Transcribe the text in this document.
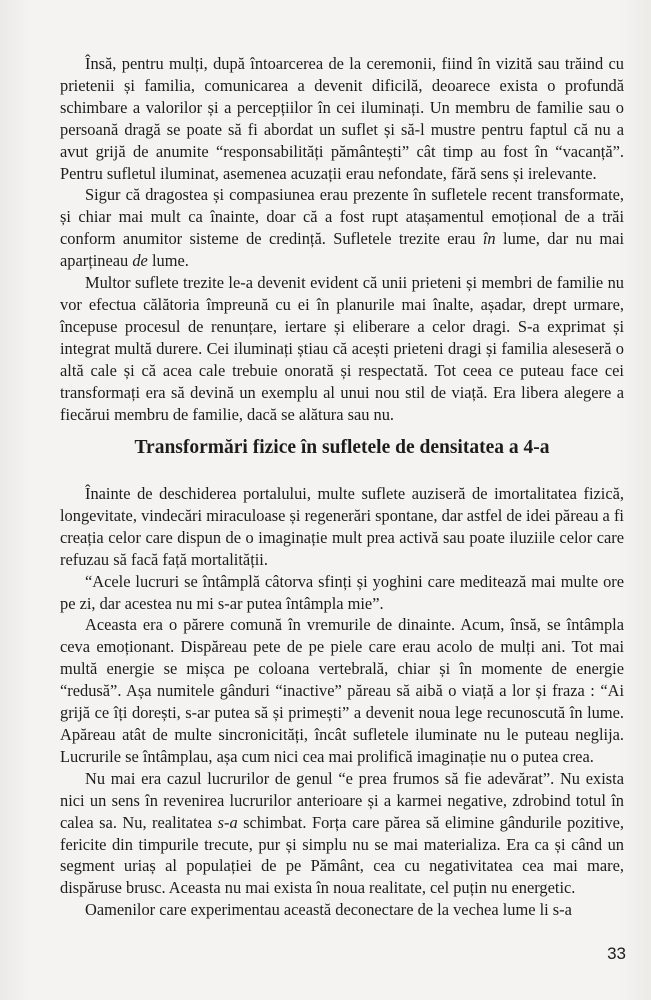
Însă, pentru mulți, după întoarcerea de la ceremonii, fiind în vizită sau trăind cu prietenii și familia, comunicarea a devenit dificilă, deoarece exista o profundă schimbare a valorilor și a percepțiilor în cei iluminați. Un membru de familie sau o persoană dragă se poate să fi abordat un suflet și să-l mustre pentru faptul că nu a avut grijă de anumite “responsabilități pământești” cât timp au fost în “vacanță”. Pentru sufletul iluminat, asemenea acuzații erau nefondate, fără sens și irelevante.

Sigur că dragostea și compasiunea erau prezente în sufletele recent transformate, și chiar mai mult ca înainte, doar că a fost rupt atașamentul emoțional de a trăi conform anumitor sisteme de credință. Sufletele trezite erau în lume, dar nu mai aparțineau de lume.

Multor suflete trezite le-a devenit evident că unii prieteni și membri de familie nu vor efectua călătoria împreună cu ei în planurile mai înalte, așadar, drept urmare, începuse procesul de renunțare, iertare și eliberare a celor dragi. S-a exprimat și integrat multă durere. Cei iluminați știau că acești prieteni dragi și familia aleseseră o altă cale și că acea cale trebuie onorată și respectată. Tot ceea ce puteau face cei transformați era să devină un exemplu al unui nou stil de viață. Era libera alegere a fiecărui membru de familie, dacă se alătura sau nu.

Transformări fizice în sufletele de densitatea a 4-a

Înainte de deschiderea portalului, multe suflete auziseră de imortalitatea fizică, longevitate, vindecări miraculoase și regenerări spontane, dar astfel de idei păreau a fi creația celor care dispun de o imaginație mult prea activă sau poate iluziile celor care refuzau să facă față mortalității.

“Acele lucruri se întâmplă câtorva sfinți și yoghini care meditează mai multe ore pe zi, dar acestea nu mi s-ar putea întâmpla mie”.

Aceasta era o părere comună în vremurile de dinainte. Acum, însă, se întâmpla ceva emoționant. Dispăreau pete de pe piele care erau acolo de mulți ani. Tot mai multă energie se mișca pe coloana vertebrală, chiar și în momente de energie “redusă”. Așa numitele gânduri “inactive” păreau să aibă o viață a lor și fraza : “Ai grijă ce îți dorești, s-ar putea să și primești” a devenit noua lege recunoscută în lume. Apăreau atât de multe sincronicități, încât sufletele iluminate nu le puteau neglija. Lucrurile se întâmplau, așa cum nici cea mai prolifică imaginație nu o putea crea.

Nu mai era cazul lucrurilor de genul “e prea frumos să fie adevărat”. Nu exista nici un sens în revenirea lucrurilor anterioare și a karmei negative, zdrobind totul în calea sa. Nu, realitatea s-a schimbat. Forța care părea să elimine gândurile pozitive, fericite din timpurile trecute, pur și simplu nu se mai materializa. Era ca și când un segment uriaș al populației de pe Pământ, cea cu negativitatea cea mai mare, dispăruse brusc. Aceasta nu mai exista în noua realitate, cel puțin nu energetic.

Oamenilor care experimentau această deconectare de la vechea lume li s-a

33
